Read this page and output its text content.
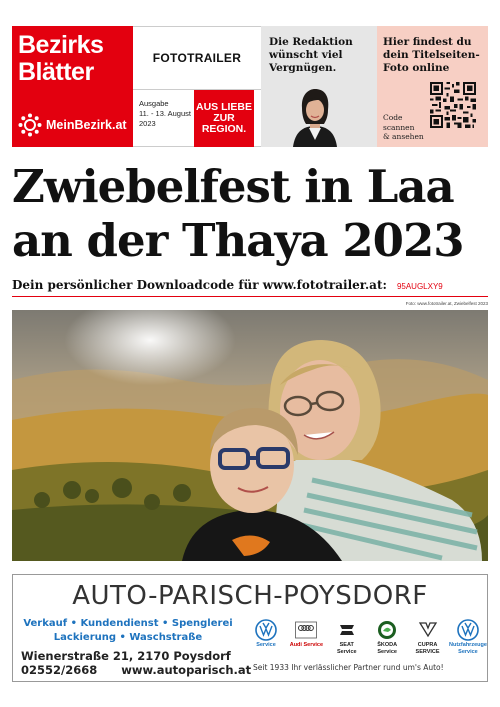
Bezirks
Blätter
MeinBezirk.at
FOTOTRAILER
Ausgabe
11. - 13. August
2023
AUS LIEBE
ZUR
REGION.
Die Redaktion
wünscht viel
Vergnügen.
Hier findest du
dein Titelseiten-
Foto online
Code
scannen
& ansehen
Zwiebelfest in Laa
an der Thaya 2023
Dein persönlicher Downloadcode für www.fototrailer.at: 95AUGLXY9
Foto: www.fototrailer.at, Zwiebelfest 2023
AUTO-PARISCH-POYSDORF
Verkauf • Kundendienst • Spenglerei
Lackierung • Waschstraße
Wienerstraße 21, 2170 Poysdorf
02552/2668 www.autoparisch.at
Service	Audi Service	SEAT Service
ŠKODA Service
CUPRA SERVICE
Nutzfahrzeuge Service
Seit 1933 Ihr verlässlicher Partner rund um's Auto!
